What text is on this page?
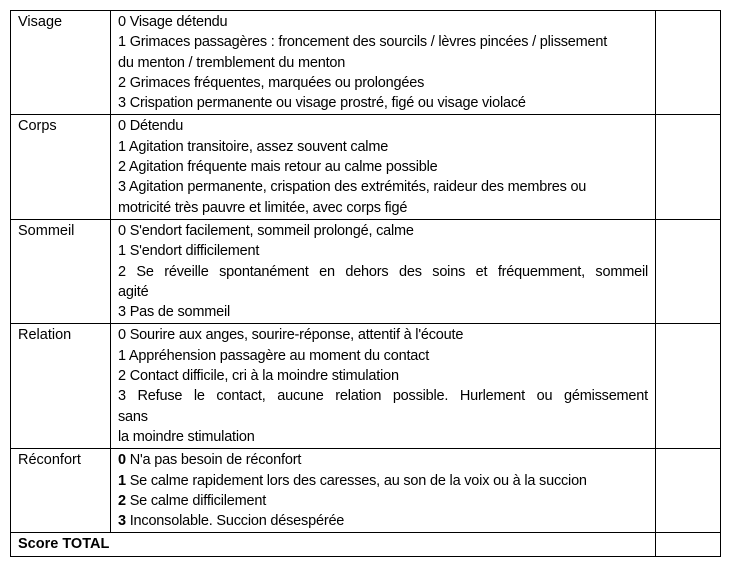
Visage	0 Visage détendu
1 Grimaces passagères : froncement des sourcils / lèvres pincées / plissement
du menton / tremblement du menton
2 Grimaces fréquentes, marquées ou prolongées
3 Crispation permanente ou visage prostré, figé ou visage violacé	

Corps	0 Détendu
1 Agitation transitoire, assez souvent calme
2 Agitation fréquente mais retour au calme possible
3 Agitation permanente, crispation des extrémités, raideur des membres ou
motricité très pauvre et limitée, avec corps figé	

Sommeil	0 S'endort facilement, sommeil prolongé, calme
1 S'endort difficilement
2 Se réveille spontanément en dehors des soins et fréquemment, sommeil
agité
3 Pas de sommeil	

Relation	0 Sourire aux anges, sourire-réponse, attentif à l'écoute
1 Appréhension passagère au moment du contact
2 Contact difficile, cri à la moindre stimulation
3 Refuse le contact, aucune relation possible. Hurlement ou gémissement
sans
la moindre stimulation

Réconfort	0 N'a pas besoin de réconfort
1 Se calme rapidement lors des caresses, au son de la voix ou à la succion
2 Se calme difficilement
3 Inconsolable. Succion désespérée	

Score TOTAL		
